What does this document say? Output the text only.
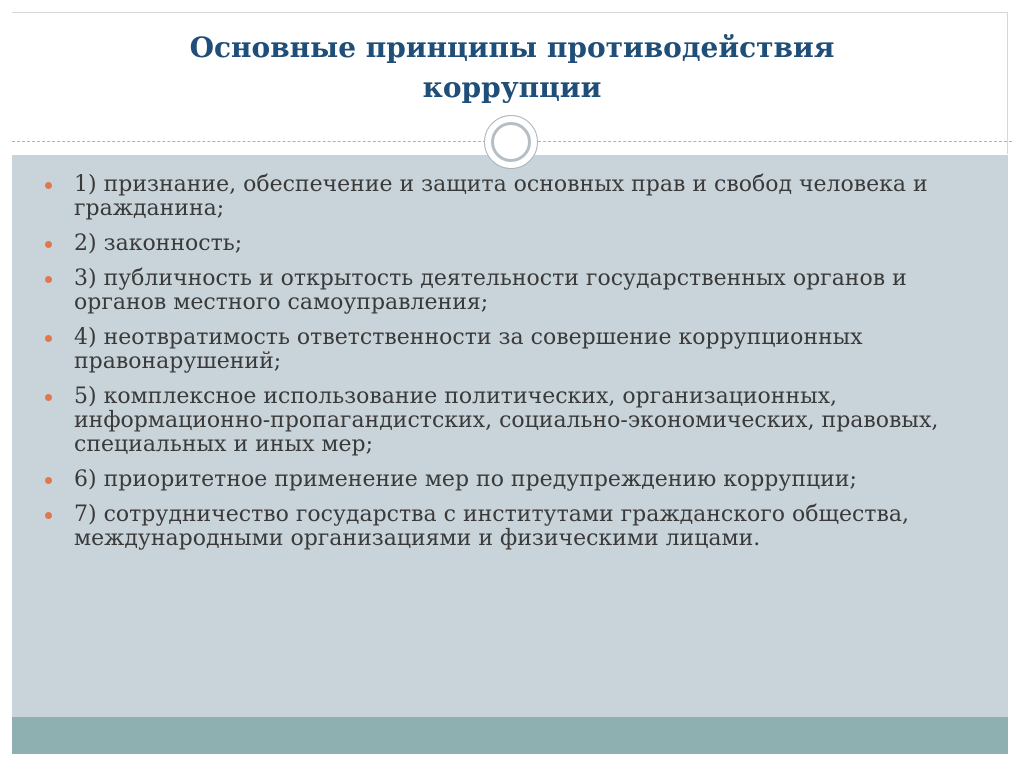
Основные принципы противодействия
коррупции
1) признание, обеспечение и защита основных прав и свобод человека и гражданина;
2) законность;
3) публичность и открытость деятельности государственных органов и органов местного самоуправления;
4) неотвратимость ответственности за совершение коррупционных правонарушений;
5) комплексное использование политических, организационных, информационно-пропагандистских, социально-экономических, правовых, специальных и иных мер;
6) приоритетное применение мер по предупреждению коррупции;
7) сотрудничество государства с институтами гражданского общества, международными организациями и физическими лицами.
